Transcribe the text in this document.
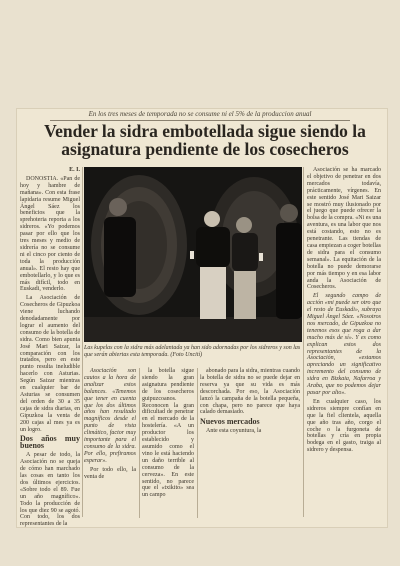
En los tres meses de temporada no se consume ni el 5% de la produccion anual
Vender la sidra embotellada sigue siendo la
asignatura pendiente de los cosecheros

E. I.

DONOSTIA. «Pan de hoy y hambre de mañana». Con esta frase lapidaria resume Miguel Ángel Sáez los beneficios que la sprehoteria reporta a los sidreros. «Yo podemos pasar por ello que los tres meses y medio de sidrería no se consume ni el cinco por ciento de toda la producción anual». El resto hay que embotellarlo, y lo que es más difícil, todo en Euskadi, venderlo.

La Asociación de Cosecheros de Gipuzkoa viene luchando denodadamente por lograr el aumento del consumo de la botella de sidra. Como bien apunta José Mari Saizar, la comparación con los tratados, pero en este punto resulta ineludible hacerlo con Asturias. Según Saizar mientras en cualquier bar de Asturias se consumen del orden de 30 a 35 cajas de sidra diarias, en Gipuzkoa la venta de 200 cajas al mes ya es un logro.

Dos años muy buenos

A pesar de todo, la Asociación no se queja de cómo han marchado las cosas en tanto los dos últimos ejercicios. «Sobre todo el 89. Fue un año magnífico». Todo la producción de los que diez 90 se agotó. Con todo, los dos representantes de la

Las kupelas con la sidra más adelantada ya han sido adornadas por los sidreros y son las que serán abiertas esta temporada. (Foto Uncití)

Asociación son cautos a la hora de analizar estos balances. «Tenemos que tener en cuenta que los dos últimos años han resultado magníficos desde el punto de vista climático, factor muy importante para el consumo de la sidra. Por ello, prefiramos esperar».

Por todo ello, la venta de

la botella sigue siendo la gran asignatura pendiente de los cosecheros guipuzcoanos. Reconocen la gran dificultad de penetrar en el mercado de la hostelería. «A un productor los establecido y asumido como el vino le está haciendo un daño terrible al consumo de la cerveza». En este sentido, no parece que el «txikito» sea un campo

abonado para la sidra, mientras cuando la botella de sidra no se puede dejar en reserva ya que su vida es más descorchada. Por eso, la Asociación lanzó la campaña de la botella pequeña, con chapa, pero no parece que haya calado demasiado.

Nuevos mercados

Ante esta coyuntura, la

Asociación se ha marcado el objetivo de penetrar en dos mercados todavía, prácticamente, vírgenes. En este sentido José Mari Saizar se mostró muy ilusionado por el juego que puede ofrecer la bolsa de la compra. «Ni es una aventura, es una labor que nos está costando, esto no es penetrante. Las tiendas de casa empiezan a coger botellas de sidra para el consumo semanal». La equitación de la botella no puede demorarse por más tiempo y en esa labor anda la Asociación de Cosecheros.

El segundo campo de acción «mi puede ser otro que el resto de Euskadi», subraya Miguel Ángel Sáez. «Nosotros nos mercado, de Gipuzkoa no tenemos esos que roga a dar mucho más de sí». Y es como explican estos dos representantes de la Asociación, «estamos apreciando un significativo incremento del consumo de sidra en Bizkaia, Nafarroa y Araba, que no podemos dejar pasar por alto».

En cualquier caso, los sidreros siempre confían en que la fiel clientela, aquella que año tras año, corgo el coche o la furgoneta de botellas y cría en propia bodega en el gasto, traiga al sidrero y despensa.
